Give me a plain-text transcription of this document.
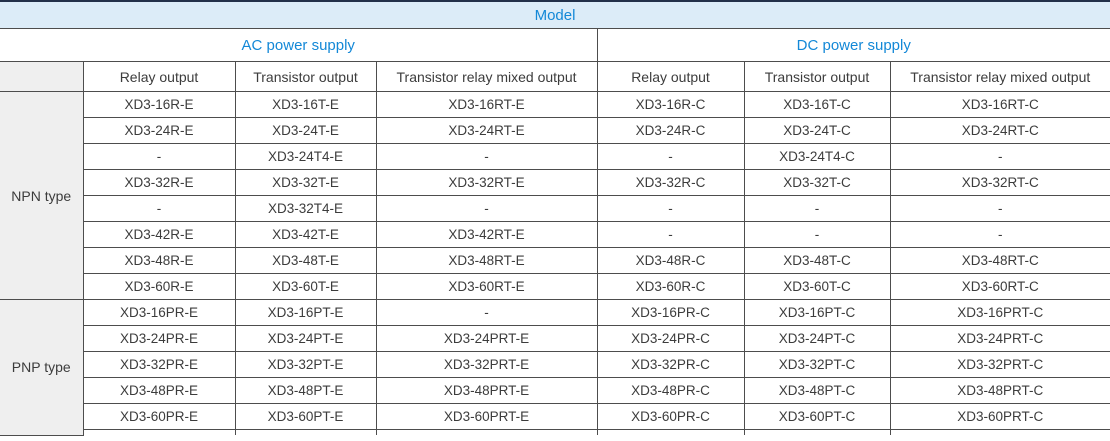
Model						
AC power supply				DC power supply		
	Relay output	Transistor output	Transistor relay mixed output	Relay output	Transistor output	Transistor relay mixed output
NPN type	XD3-16R-E	XD3-16T-E	XD3-16RT-E	XD3-16R-C	XD3-16T-C	XD3-16RT-C
	XD3-24R-E	XD3-24T-E	XD3-24RT-E	XD3-24R-C	XD3-24T-C	XD3-24RT-C
	-	XD3-24T4-E	-	-	XD3-24T4-C	-
	XD3-32R-E	XD3-32T-E	XD3-32RT-E	XD3-32R-C	XD3-32T-C	XD3-32RT-C
	-	XD3-32T4-E	-	-	-	-
	XD3-42R-E	XD3-42T-E	XD3-42RT-E	-	-	-
	XD3-48R-E	XD3-48T-E	XD3-48RT-E	XD3-48R-C	XD3-48T-C	XD3-48RT-C
	XD3-60R-E	XD3-60T-E	XD3-60RT-E	XD3-60R-C	XD3-60T-C	XD3-60RT-C
PNP type	XD3-16PR-E	XD3-16PT-E	-	XD3-16PR-C	XD3-16PT-C	XD3-16PRT-C
	XD3-24PR-E	XD3-24PT-E	XD3-24PRT-E	XD3-24PR-C	XD3-24PT-C	XD3-24PRT-C
	XD3-32PR-E	XD3-32PT-E	XD3-32PRT-E	XD3-32PR-C	XD3-32PT-C	XD3-32PRT-C
	XD3-48PR-E	XD3-48PT-E	XD3-48PRT-E	XD3-48PR-C	XD3-48PT-C	XD3-48PRT-C
	XD3-60PR-E	XD3-60PT-E	XD3-60PRT-E	XD3-60PR-C	XD3-60PT-C	XD3-60PRT-C
